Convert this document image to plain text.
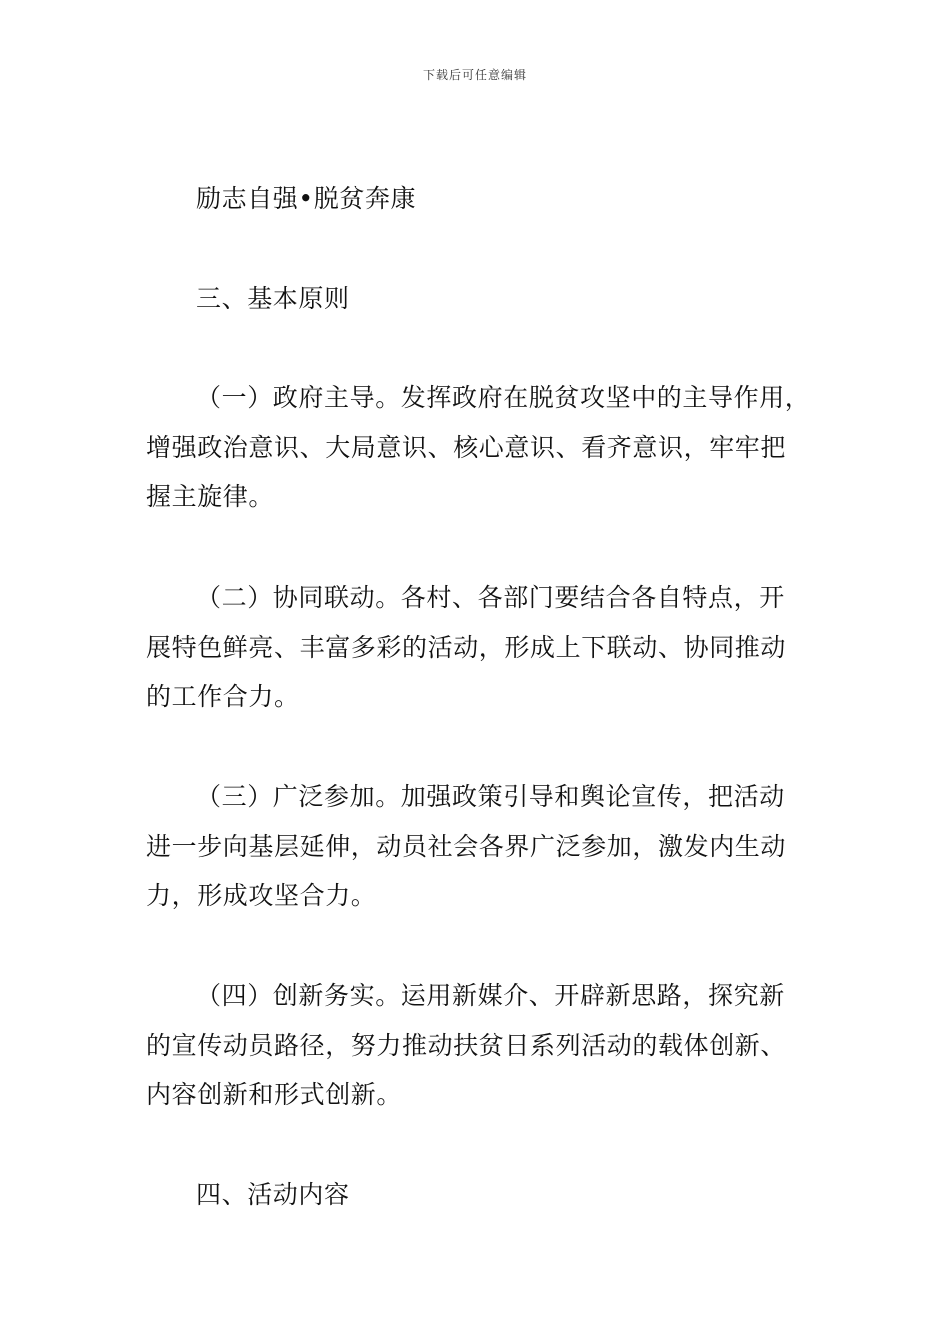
下载后可任意编辑
励志自强•脱贫奔康
三、基本原则
（一）政府主导。发挥政府在脱贫攻坚中的主导作用，
增强政治意识、大局意识、核心意识、看齐意识，牢牢把
握主旋律。
（二）协同联动。各村、各部门要结合各自特点，开
展特色鲜亮、丰富多彩的活动，形成上下联动、协同推动
的工作合力。
（三）广泛参加。加强政策引导和舆论宣传，把活动
进一步向基层延伸，动员社会各界广泛参加，激发内生动
力，形成攻坚合力。
（四）创新务实。运用新媒介、开辟新思路，探究新
的宣传动员路径，努力推动扶贫日系列活动的载体创新、
内容创新和形式创新。
四、活动内容
